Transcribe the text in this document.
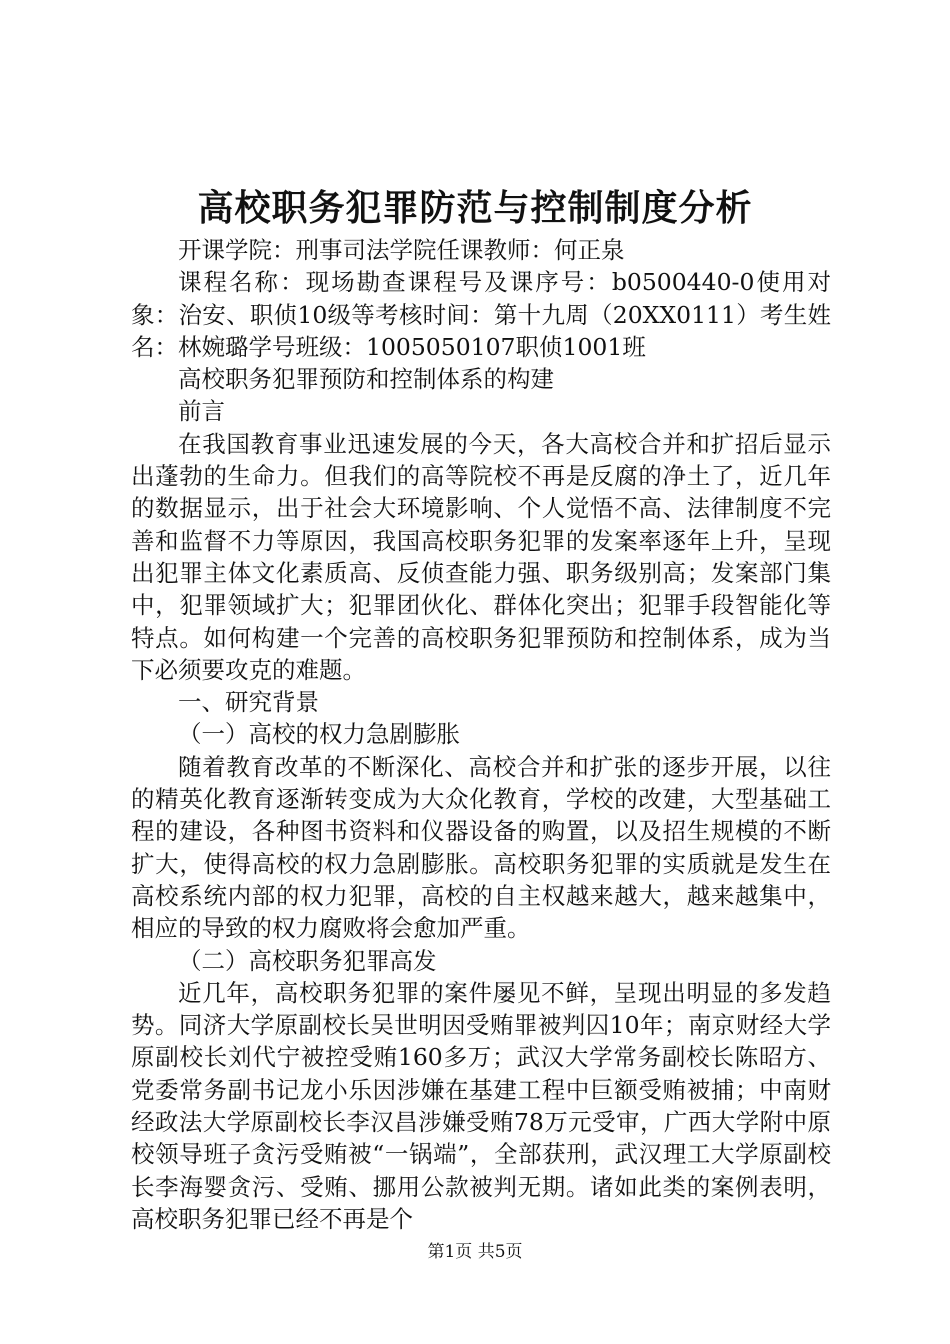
高校职务犯罪防范与控制制度分析

开课学院：刑事司法学院任课教师：何正泉

课程名称：现场勘查课程号及课序号：b0500440-0使用对象：治安、职侦10级等考核时间：第十九周（20XX0111）考生姓名：林婉璐学号班级：1005050107职侦1001班

高校职务犯罪预防和控制体系的构建

前言

在我国教育事业迅速发展的今天，各大高校合并和扩招后显示出蓬勃的生命力。但我们的高等院校不再是反腐的净土了，近几年的数据显示，出于社会大环境影响、个人觉悟不高、法律制度不完善和监督不力等原因，我国高校职务犯罪的发案率逐年上升，呈现出犯罪主体文化素质高、反侦查能力强、职务级别高；发案部门集中，犯罪领域扩大；犯罪团伙化、群体化突出；犯罪手段智能化等特点。如何构建一个完善的高校职务犯罪预防和控制体系，成为当下必须要攻克的难题。

一、研究背景

（一）高校的权力急剧膨胀

随着教育改革的不断深化、高校合并和扩张的逐步开展，以往的精英化教育逐渐转变成为大众化教育，学校的改建，大型基础工程的建设，各种图书资料和仪器设备的购置，以及招生规模的不断扩大，使得高校的权力急剧膨胀。高校职务犯罪的实质就是发生在高校系统内部的权力犯罪，高校的自主权越来越大，越来越集中，相应的导致的权力腐败将会愈加严重。

（二）高校职务犯罪高发

近几年，高校职务犯罪的案件屡见不鲜，呈现出明显的多发趋势。同济大学原副校长吴世明因受贿罪被判囚10年；南京财经大学原副校长刘代宁被控受贿160多万；武汉大学常务副校长陈昭方、党委常务副书记龙小乐因涉嫌在基建工程中巨额受贿被捕；中南财经政法大学原副校长李汉昌涉嫌受贿78万元受审，广西大学附中原校领导班子贪污受贿被“一锅端”，全部获刑，武汉理工大学原副校长李海婴贪污、受贿、挪用公款被判无期。诸如此类的案例表明，高校职务犯罪已经不再是个

第1页 共5页
